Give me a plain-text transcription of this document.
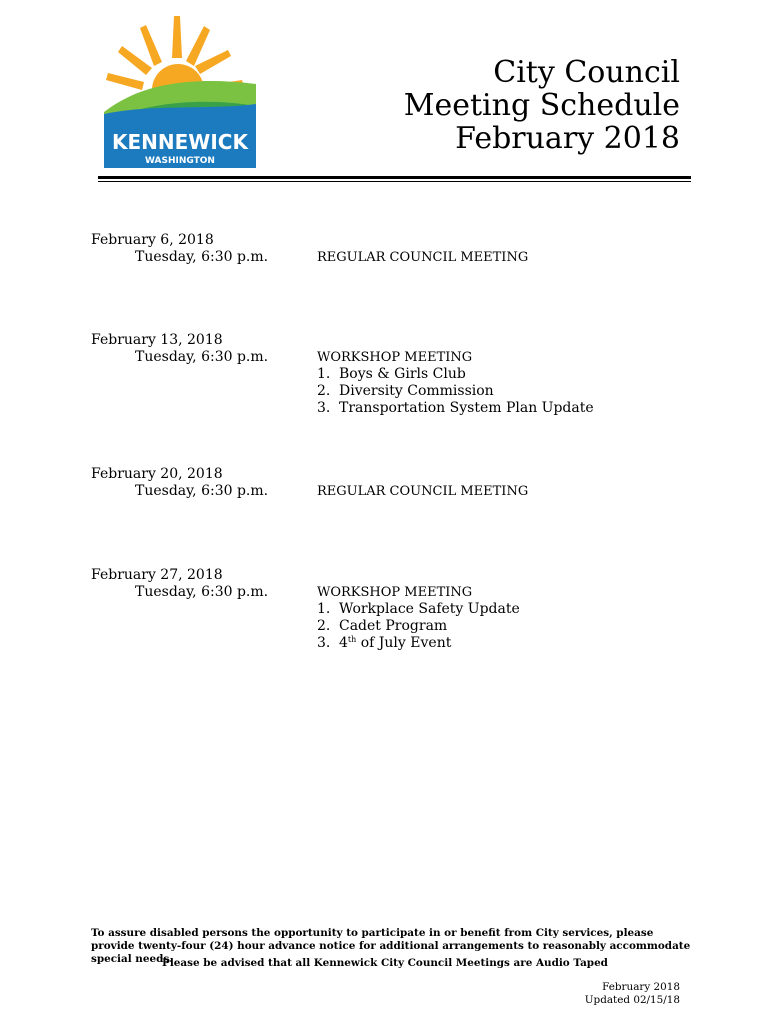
KENNEWICK
WASHINGTON
City Council
Meeting Schedule
February 2018
February 6, 2018
Tuesday, 6:30 p.m.	REGULAR COUNCIL MEETING
February 13, 2018
Tuesday, 6:30 p.m.	WORKSHOP MEETING
1. Boys & Girls Club
2. Diversity Commission
3. Transportation System Plan Update
February 20, 2018
Tuesday, 6:30 p.m.	REGULAR COUNCIL MEETING
February 27, 2018
Tuesday, 6:30 p.m.	WORKSHOP MEETING
1. Workplace Safety Update
2. Cadet Program
3. 4th of July Event
To assure disabled persons the opportunity to participate in or benefit from City services, please provide twenty-four (24) hour advance notice for additional arrangements to reasonably accommodate special needs.
Please be advised that all Kennewick City Council Meetings are Audio Taped
February 2018
Updated 02/15/18
